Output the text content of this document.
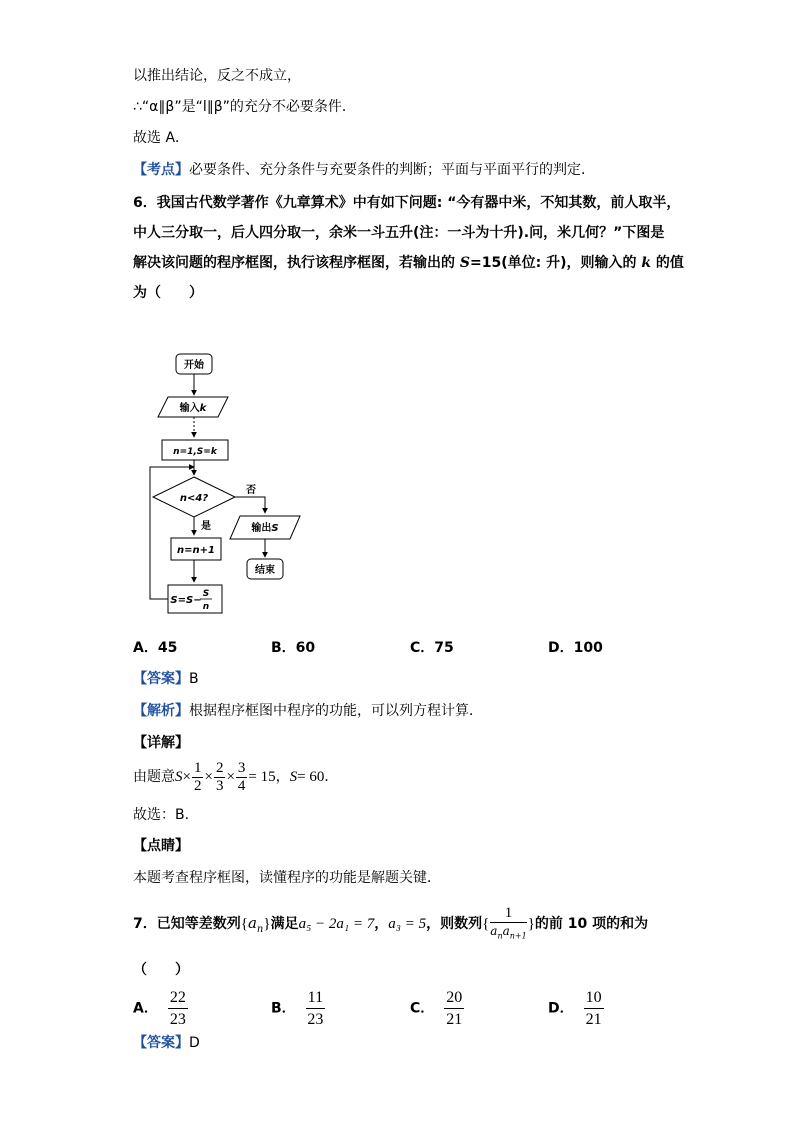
以推出结论，反之不成立，
∴“α∥β”是“l∥β”的充分不必要条件．
故选 A．
【考点】必要条件、充分条件与充要条件的判断；平面与平面平行的判定．
6．我国古代数学著作《九章算术》中有如下问题: “今有器中米，不知其数，前人取半，
中人三分取一，后人四分取一，余米一斗五升(注：一斗为十升).问，米几何？”下图是
解决该问题的程序框图，执行该程序框图，若输出的 S=15(单位: 升)，则输入的 k 的值
为（　　）
开始
输入k
n=1,S=k
n<4?
否
是
n=n+1
S=S−
S
n
输出S
结束
A．45	B．60	C．75	D．100
【答案】B
【解析】根据程序框图中程序的功能，可以列方程计算．
【详解】
由题意$S\times \frac{1}{2} \times \frac{2}{3} \times \frac{3}{4} = 15$，S= 60．
故选：B.
【点睛】
本题考查程序框图，读懂程序的功能是解题关键．
7．已知等差数列$\{a_n\}$满足a₅ − 2a₁ = 7，a₃ = 5，则数列{ $\frac{1}{a_na_{n+1}}$ }的前 10 项的和为
（　　）
A． $\frac{22}{23}$	B． $\frac{11}{23}$	C． $\frac{20}{21}$	D． $\frac{10}{21}$
【答案】D
